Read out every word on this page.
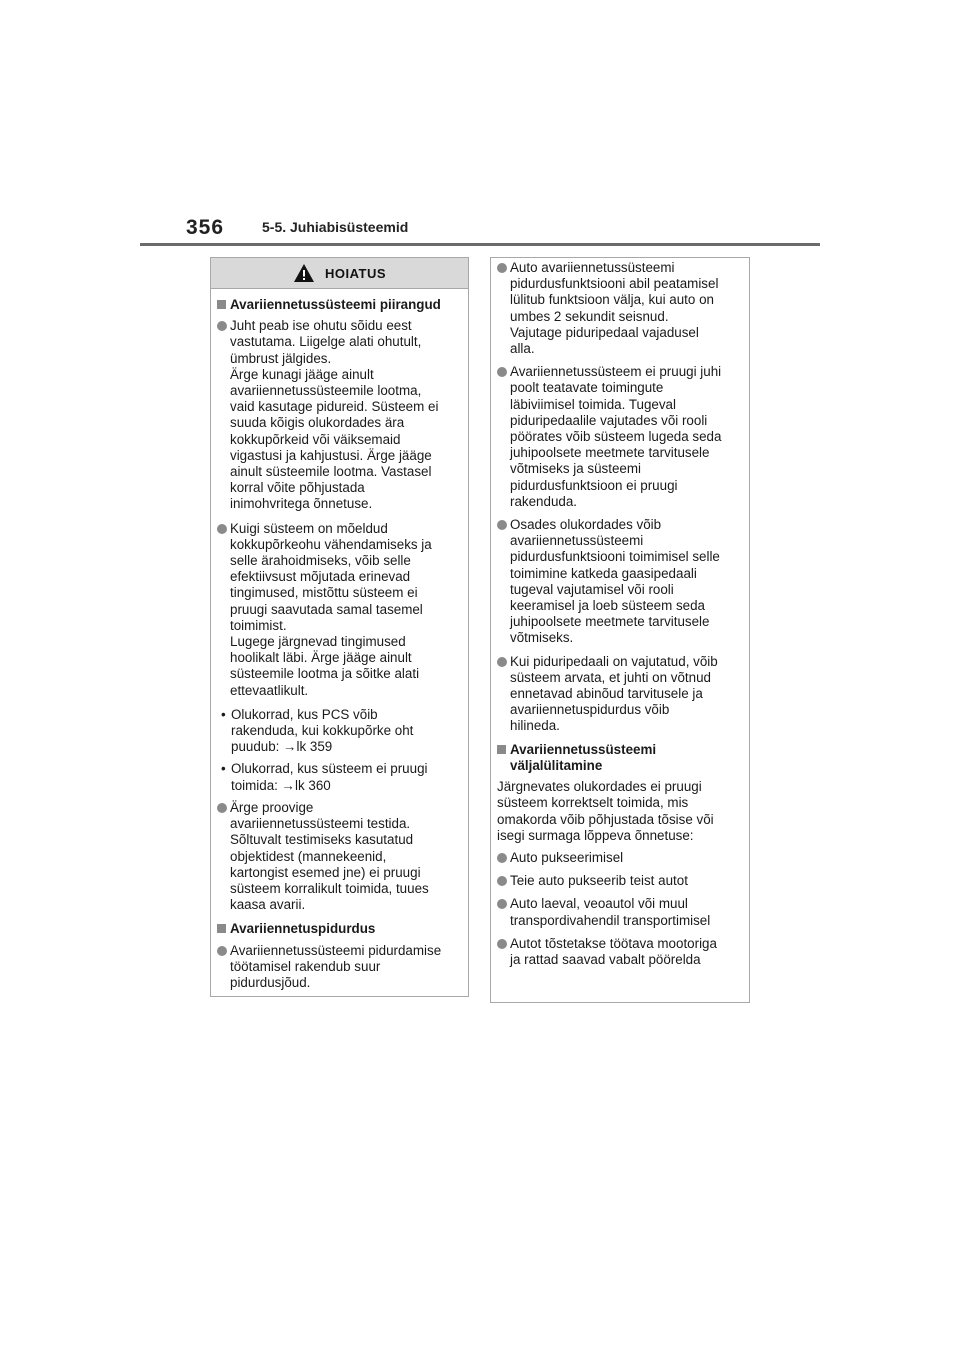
356	5-5. Juhiabisüsteemid
HOIATUS
Avariiennetussüsteemi piirangud
Juht peab ise ohutu sõidu eest
vastutama. Liigelge alati ohutult,
ümbrust jälgides.
Ärge kunagi jääge ainult
avariiennetussüsteemile lootma,
vaid kasutage pidureid. Süsteem ei
suuda kõigis olukordades ära
kokkupõrkeid või väiksemaid
vigastusi ja kahjustusi. Ärge jääge
ainult süsteemile lootma. Vastasel
korral võite põhjustada
inimohvritega õnnetuse.
Kuigi süsteem on mõeldud
kokkupõrkeohu vähendamiseks ja
selle ärahoidmiseks, võib selle
efektiivsust mõjutada erinevad
tingimused, mistõttu süsteem ei
pruugi saavutada samal tasemel
toimimist.
Lugege järgnevad tingimused
hoolikalt läbi. Ärge jääge ainult
süsteemile lootma ja sõitke alati
ettevaatlikult.
• Olukorrad, kus PCS võib
rakenduda, kui kokkupõrke oht
puudub: →lk 359
• Olukorrad, kus süsteem ei pruugi
toimida: →lk 360
Ärge proovige
avariiennetussüsteemi testida.
Sõltuvalt testimiseks kasutatud
objektidest (mannekeenid,
kartongist esemed jne) ei pruugi
süsteem korralikult toimida, tuues
kaasa avarii.
Avariiennetuspidurdus
Avariiennetussüsteemi pidurdamise
töötamisel rakendub suur
pidurdusjõud.
Auto avariiennetussüsteemi
pidurdusfunktsiooni abil peatamisel
lülitub funktsioon välja, kui auto on
umbes 2 sekundit seisnud.
Vajutage piduripedaal vajadusel
alla.
Avariiennetussüsteem ei pruugi juhi
poolt teatavate toimingute
läbiviimisel toimida. Tugeval
piduripedaalile vajutades või rooli
pöörates võib süsteem lugeda seda
juhipoolsete meetmete tarvitusele
võtmiseks ja süsteemi
pidurdusfunktsioon ei pruugi
rakenduda.
Osades olukordades võib
avariiennetussüsteemi
pidurdusfunktsiooni toimimisel selle
toimimine katkeda gaasipedaali
tugeval vajutamisel või rooli
keeramisel ja loeb süsteem seda
juhipoolsete meetmete tarvitusele
võtmiseks.
Kui piduripedaali on vajutatud, võib
süsteem arvata, et juhti on võtnud
ennetavad abinõud tarvitusele ja
avariiennetuspidurdus võib
hilineda.
Avariiennetussüsteemi
väljalülitamine
Järgnevates olukordades ei pruugi
süsteem korrektselt toimida, mis
omakorda võib põhjustada tõsise või
isegi surmaga lõppeva õnnetuse:
Auto pukseerimisel
Teie auto pukseerib teist autot
Auto laeval, veoautol või muul
transpordivahendil transportimisel
Autot tõstetakse töötava mootoriga
ja rattad saavad vabalt pöörelda
